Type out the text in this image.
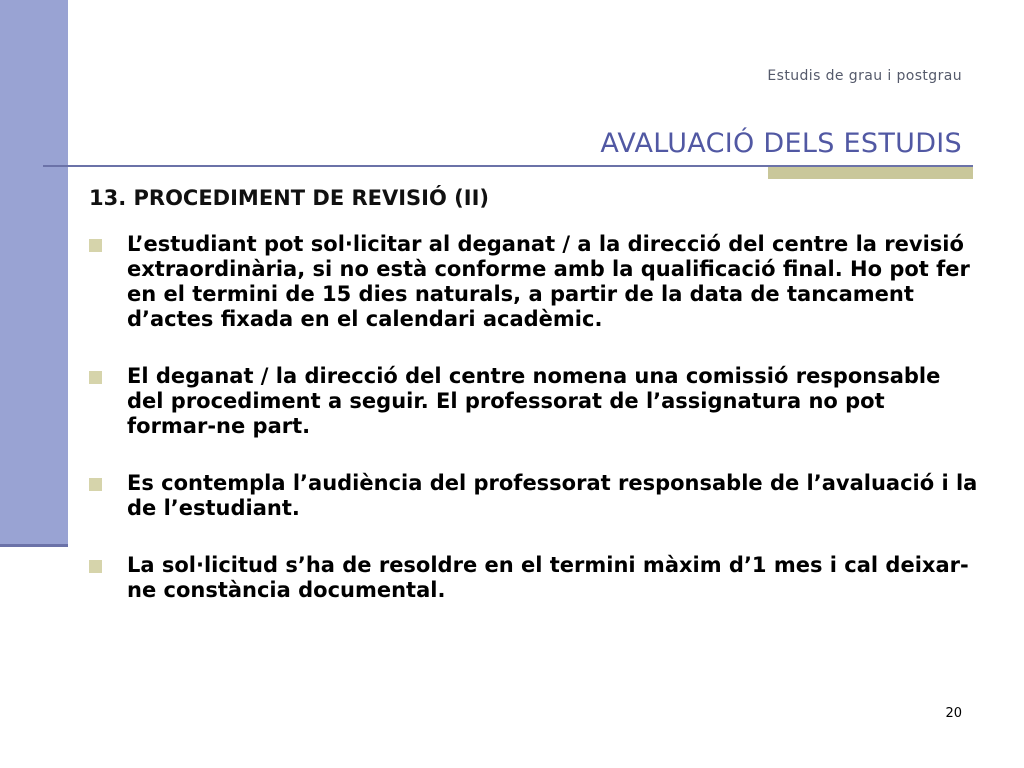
Estudis de grau i postgrau
AVALUACIÓ DELS ESTUDIS
13. PROCEDIMENT DE REVISIÓ (II)
L’estudiant pot sol·licitar al deganat / a la direcció del centre la revisió extraordinària, si no està conforme amb la qualificació final. Ho pot fer en el termini de 15 dies naturals, a partir de la data de tancament d’actes fixada en el calendari acadèmic.
El deganat / la direcció del centre nomena una comissió responsable del procediment a seguir. El professorat de l’assignatura no pot formar-ne part.
Es contempla l’audiència del professorat responsable de l’avaluació i la de l’estudiant.
La sol·licitud s’ha de resoldre en el termini màxim d’1 mes i cal deixar-ne constància documental.
20
